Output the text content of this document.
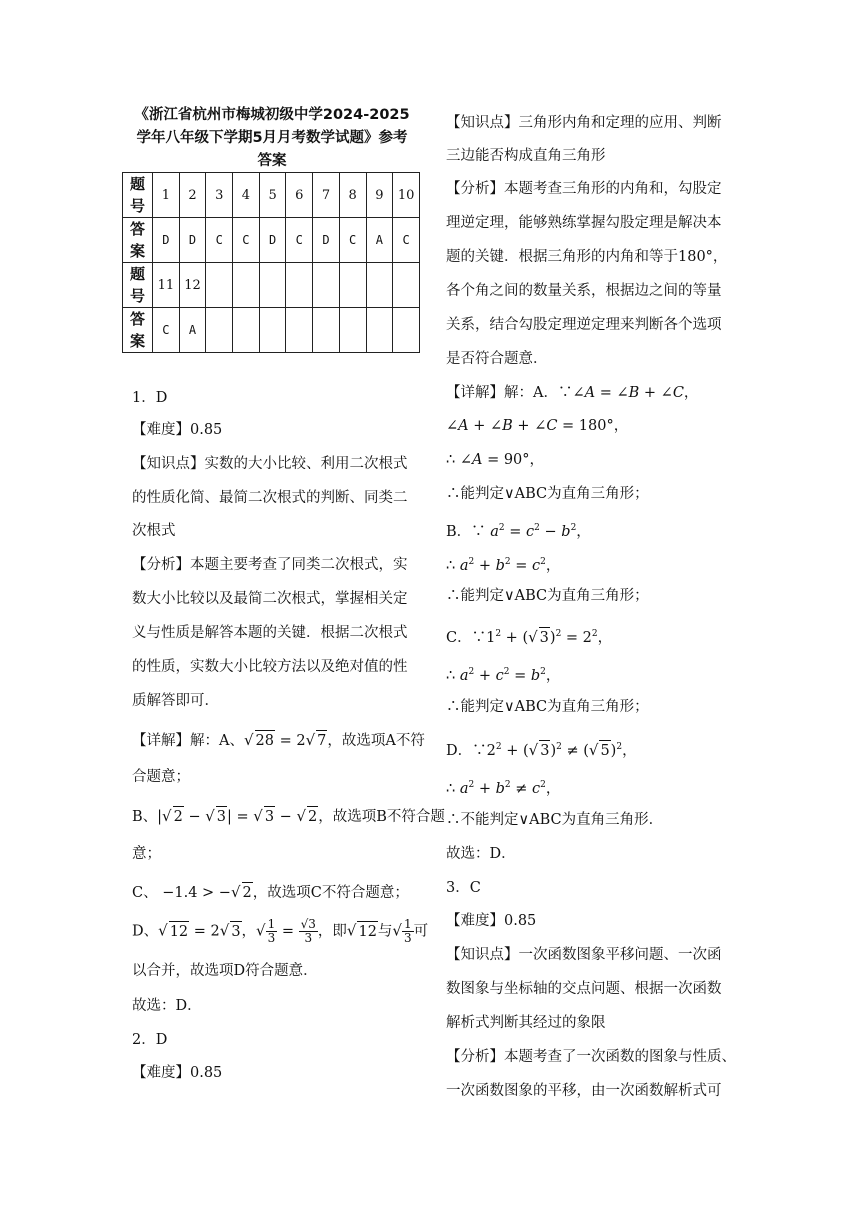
《浙江省杭州市梅城初级中学2024-2025
学年八年级下学期5月月考数学试题》参考
答案
题号	1	2	3	4	5	6	7	8	9	10
答案	D	D	C	C	D	C	D	C	A	C
题号	11	12								
答案	C	A								
1．D
【难度】0.85
【知识点】实数的大小比较、利用二次根式
的性质化简、最简二次根式的判断、同类二
次根式
【分析】本题主要考查了同类二次根式，实
数大小比较以及最简二次根式，掌握相关定
义与性质是解答本题的关键．根据二次根式
的性质，实数大小比较方法以及绝对值的性
质解答即可．
【详解】解：A、√ 28 = 2√ 7，故选项A不符
合题意；
B、|√ 2 − √ 3| = √ 3 − √ 2，故选项B不符合题
意；
C、 −1.4 > −√ 2，故选项C不符合题意；
D、√ 12 = 2√ 3，√ $\frac{1}{3} = \frac{√3}{3}$ ，即√ 12与√ $\frac{1}{3}$ 可
以合并，故选项D符合题意．
故选：D．
2．D
【难度】0.85
【知识点】三角形内角和定理的应用、判断
三边能否构成直角三角形
【分析】本题考查三角形的内角和，勾股定
理逆定理，能够熟练掌握勾股定理是解决本
题的关键．根据三角形的内角和等于180°，
各个角之间的数量关系，根据边之间的等量
关系，结合勾股定理逆定理来判断各个选项
是否符合题意．
【详解】解：A．∵∠A = ∠B + ∠C，
∠A + ∠B + ∠C = 180°，
∴ ∠A = 90°，
∴能判定∨ABC为直角三角形；
B．∵ $a^2 = c^2 - b^2$，
∴ $a^2 + b^2 = c^2$，
∴能判定∨ABC为直角三角形；
C．$\because 1^2$ + (√ $3)^2 = 2^2$，
∴ $a^2 + c^2 = b^2$，
∴能判定∨ABC为直角三角形；
D．$\because 2^2$ + (√ 3)$^2$ ≠ (√ 5)$^2$，
∴ $a^2 + b^2 \ne c^2$，
∴不能判定∨ABC为直角三角形．
故选：D．
3．C
【难度】0.85
【知识点】一次函数图象平移问题、一次函
数图象与坐标轴的交点问题、根据一次函数
解析式判断其经过的象限
【分析】本题考查了一次函数的图象与性质、
一次函数图象的平移，由一次函数解析式可
